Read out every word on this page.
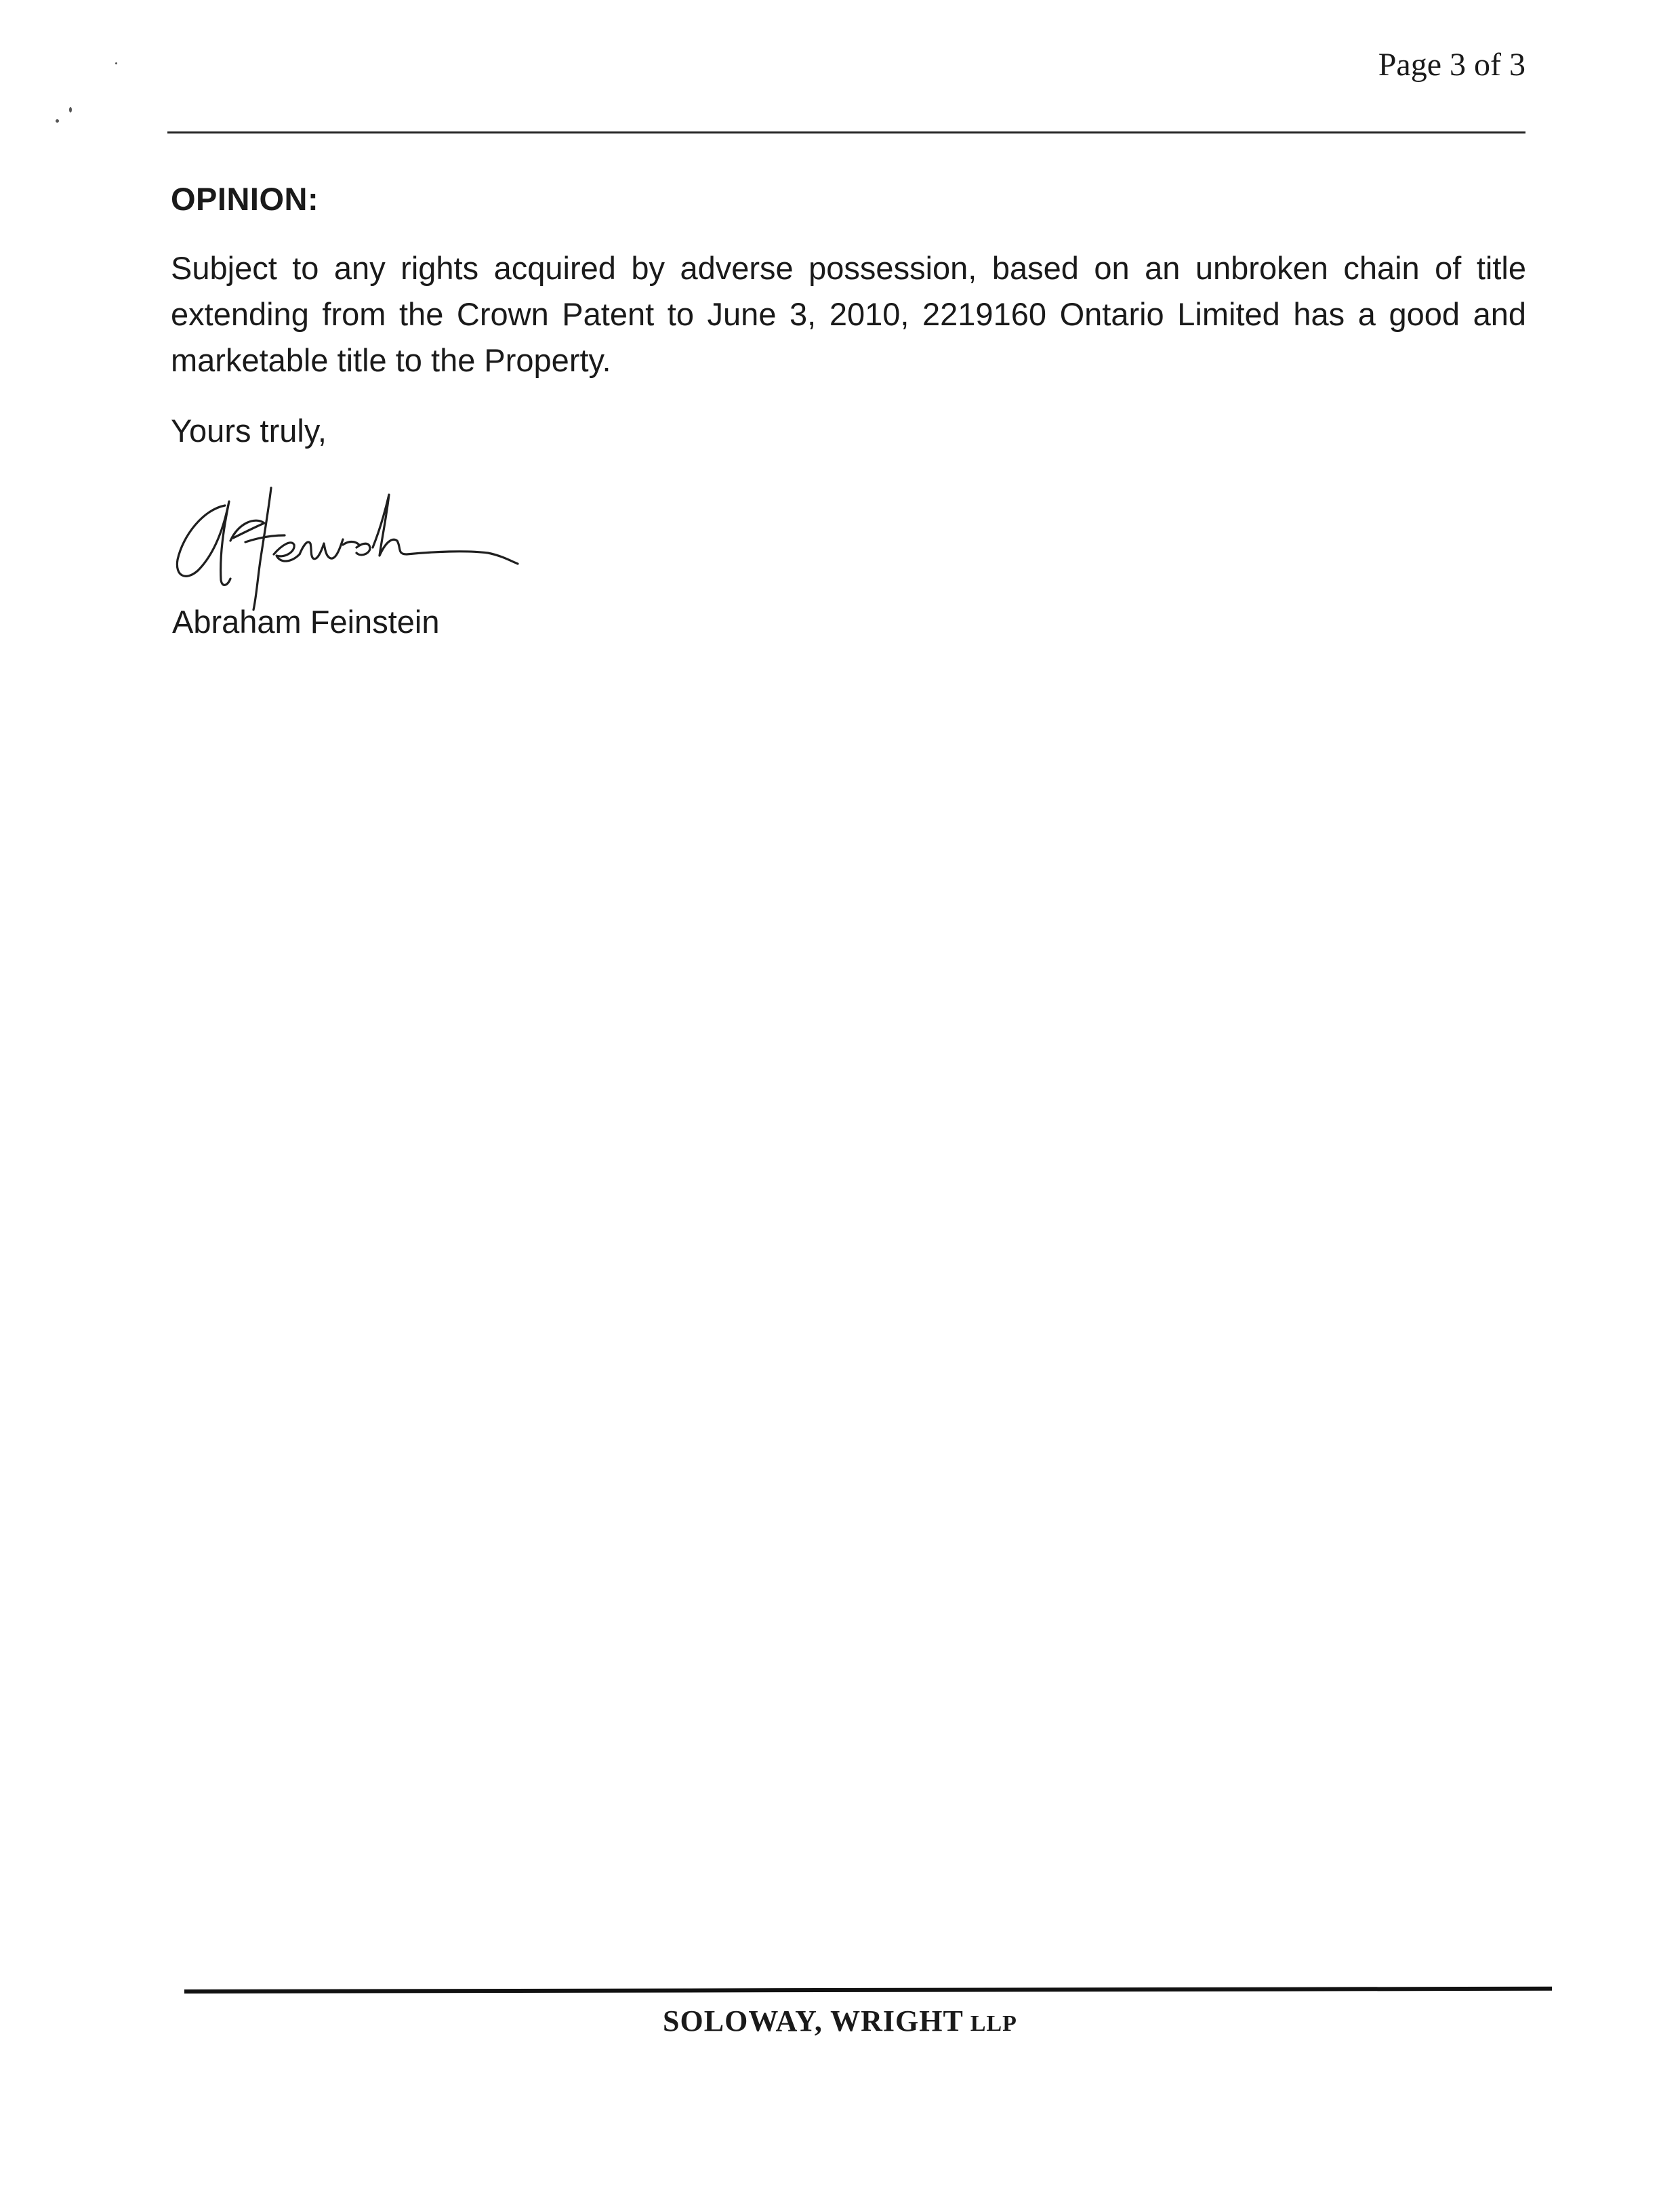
Page 3 of 3
OPINION:
Subject to any rights acquired by adverse possession, based on an unbroken chain of title extending from the Crown Patent to June 3, 2010, 2219160 Ontario Limited has a good and marketable title to the Property.
Yours truly,
Abraham Feinstein
SOLOWAY, WRIGHT LLP
